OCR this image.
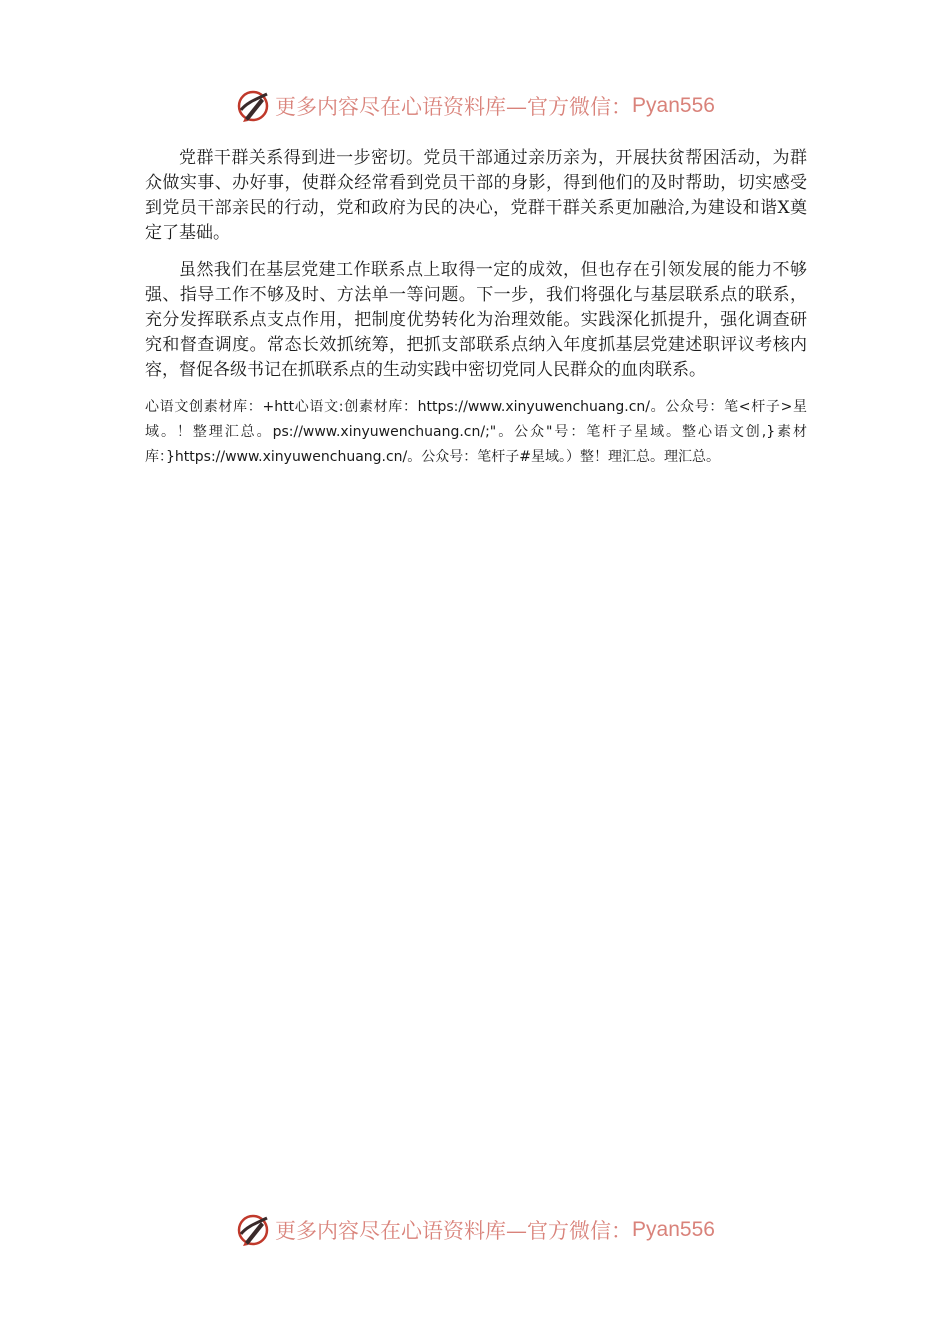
更多内容尽在心语资料库—官方微信： Pyan556

党群干群关系得到进一步密切。党员干部通过亲历亲为，开展扶贫帮困活动，为群众做实事、办好事，使群众经常看到党员干部的身影，得到他们的及时帮助，切实感受到党员干部亲民的行动，党和政府为民的决心，党群干群关系更加融洽,为建设和谐X奠定了基础。

虽然我们在基层党建工作联系点上取得一定的成效，但也存在引领发展的能力不够强、指导工作不够及时、方法单一等问题。下一步，我们将强化与基层联系点的联系，充分发挥联系点支点作用，把制度优势转化为治理效能。实践深化抓提升，强化调查研究和督查调度。常态长效抓统筹，把抓支部联系点纳入年度抓基层党建述职评议考核内容，督促各级书记在抓联系点的生动实践中密切党同人民群众的血肉联系。

心语文创素材库：+htt心语文:创素材库：https://www.xinyuwenchuang.cn/。公众号：笔<杆子>星域。！整理汇总。ps://www.xinyuwenchuang.cn/;"。公众"号：笔杆子星域。整心语文创,}素材库：}https://www.xinyuwenchuang.cn/。公众号：笔杆子#星域。）整！理汇总。理汇总。

更多内容尽在心语资料库—官方微信： Pyan556
